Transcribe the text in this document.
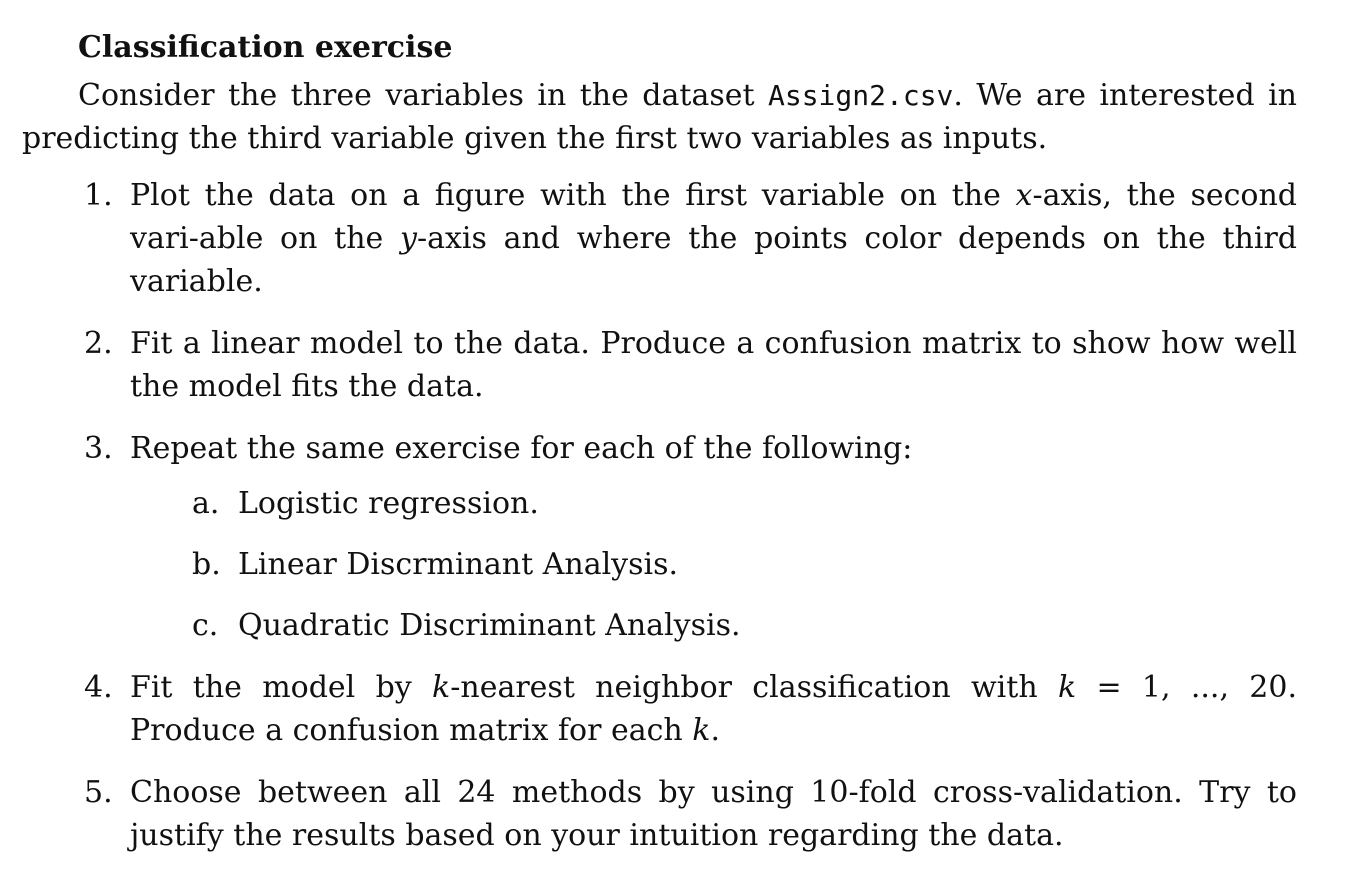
Classification exercise

Consider the three variables in the dataset Assign2.csv. We are interested in predicting the third variable given the first two variables as inputs.

1. Plot the data on a figure with the first variable on the x-axis, the second vari-able on the y-axis and where the points color depends on the third variable.
2. Fit a linear model to the data. Produce a confusion matrix to show how well the model fits the data.
3. Repeat the same exercise for each of the following:
a. Logistic regression.
b. Linear Discrminant Analysis.
c. Quadratic Discriminant Analysis.
4. Fit the model by k-nearest neighbor classification with k = 1, ..., 20. Produce a confusion matrix for each k.
5. Choose between all 24 methods by using 10-fold cross-validation. Try to justify the results based on your intuition regarding the data.
